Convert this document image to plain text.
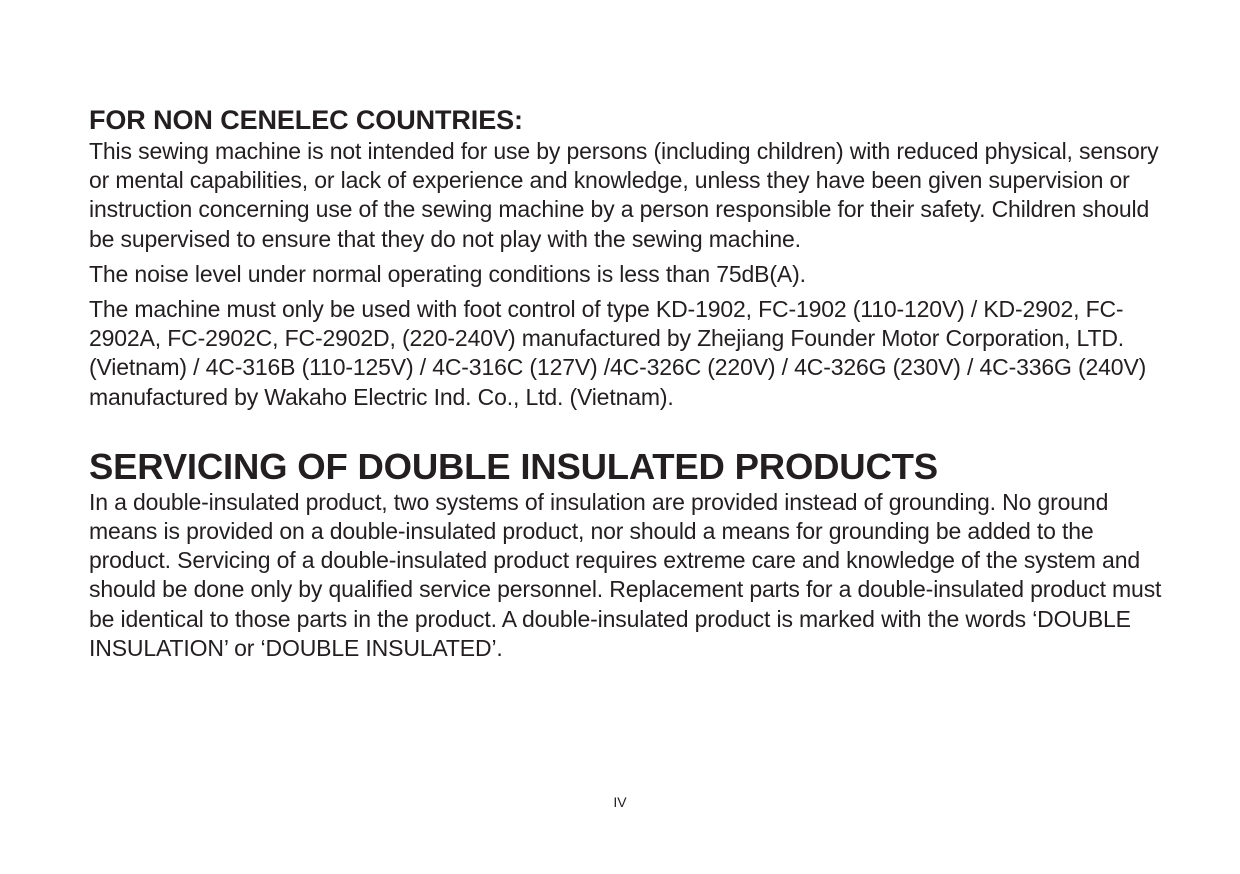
FOR NON CENELEC COUNTRIES:

This sewing machine is not intended for use by persons (including children) with reduced physical, sensory or mental capabilities, or lack of experience and knowledge, unless they have been given supervision or instruction concerning use of the sewing machine by a person responsible for their safety. Children should be supervised to ensure that they do not play with the sewing machine.

The noise level under normal operating conditions is less than 75dB(A).

The machine must only be used with foot control of type KD-1902, FC-1902 (110-120V) / KD-2902, FC-2902A, FC-2902C, FC-2902D, (220-240V) manufactured by Zhejiang Founder Motor Corporation, LTD. (Vietnam) / 4C-316B (110-125V) / 4C-316C (127V) /4C-326C (220V) / 4C-326G (230V) / 4C-336G (240V) manufactured by Wakaho Electric Ind. Co., Ltd. (Vietnam).

SERVICING OF DOUBLE INSULATED PRODUCTS

In a double-insulated product, two systems of insulation are provided instead of grounding. No ground means is provided on a double-insulated product, nor should a means for grounding be added to the product. Servicing of a double-insulated product requires extreme care and knowledge of the system and should be done only by qualified service personnel. Replacement parts for a double-insulated product must be identical to those parts in the product. A double-insulated product is marked with the words ‘DOUBLE INSULATION’ or ‘DOUBLE INSULATED’.

IV
